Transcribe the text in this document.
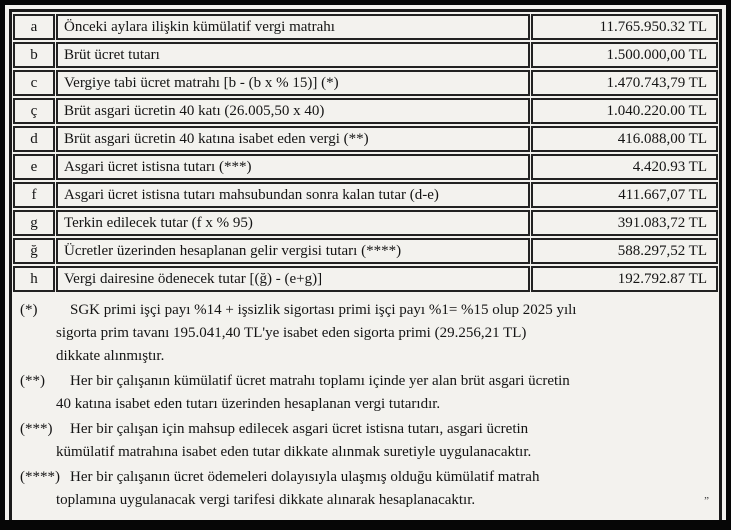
a	Önceki aylara ilişkin kümülatif vergi matrahı	11.765.950.32 TL
b	Brüt ücret tutarı	1.500.000,00 TL
c	Vergiye tabi ücret matrahı [b - (b x % 15)] (*)	1.470.743,79 TL
ç	Brüt asgari ücretin 40 katı (26.005,50 x 40)	1.040.220.00 TL
d	Brüt asgari ücretin 40 katına isabet eden vergi (**)	416.088,00 TL
e	Asgari ücret istisna tutarı (***)	4.420.93 TL
f	Asgari ücret istisna tutarı mahsubundan sonra kalan tutar (d-e)	411.667,07 TL
g	Terkin edilecek tutar (f x % 95)	391.083,72 TL
ğ	Ücretler üzerinden hesaplanan gelir vergisi tutarı (****)	588.297,52 TL
h	Vergi dairesine ödenecek tutar [(ğ) - (e+g)]	192.792.87 TL
(*) SGK primi işçi payı %14 + işsizlik sigortası primi işçi payı %1= %15 olup 2025 yılı
sigorta prim tavanı 195.041,40 TL'ye isabet eden sigorta primi (29.256,21 TL)
dikkate alınmıştır.
(**) Her bir çalışanın kümülatif ücret matrahı toplamı içinde yer alan brüt asgari ücretin
40 katına isabet eden tutarı üzerinden hesaplanan vergi tutarıdır.
(***) Her bir çalışan için mahsup edilecek asgari ücret istisna tutarı, asgari ücretin
kümülatif matrahına isabet eden tutar dikkate alınmak suretiyle uygulanacaktır.
(****) Her bir çalışanın ücret ödemeleri dolayısıyla ulaşmış olduğu kümülatif matrah
toplamına uygulanacak vergi tarifesi dikkate alınarak hesaplanacaktır.	”
